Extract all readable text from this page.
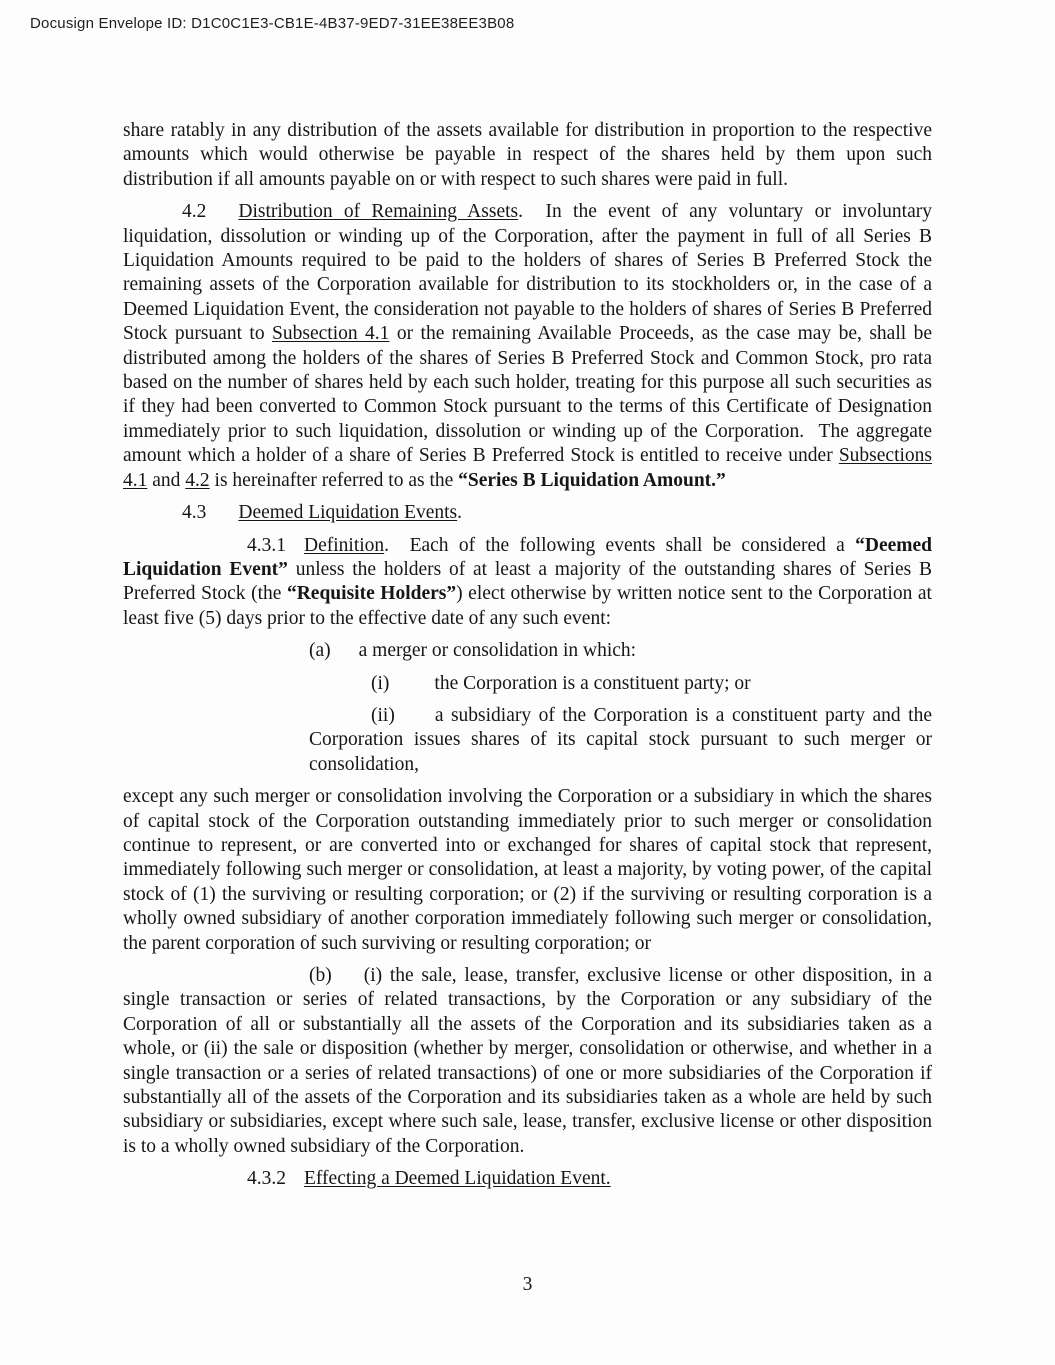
Docusign Envelope ID: D1C0C1E3-CB1E-4B37-9ED7-31EE38EE3B08

share ratably in any distribution of the assets available for distribution in proportion to the respective amounts which would otherwise be payable in respect of the shares held by them upon such distribution if all amounts payable on or with respect to such shares were paid in full.

4.2 Distribution of Remaining Assets.  In the event of any voluntary or involuntary liquidation, dissolution or winding up of the Corporation, after the payment in full of all Series B Liquidation Amounts required to be paid to the holders of shares of Series B Preferred Stock the remaining assets of the Corporation available for distribution to its stockholders or, in the case of a Deemed Liquidation Event, the consideration not payable to the holders of shares of Series B Preferred Stock pursuant to Subsection 4.1 or the remaining Available Proceeds, as the case may be, shall be distributed among the holders of the shares of Series B Preferred Stock and Common Stock, pro rata based on the number of shares held by each such holder, treating for this purpose all such securities as if they had been converted to Common Stock pursuant to the terms of this Certificate of Designation immediately prior to such liquidation, dissolution or winding up of the Corporation.  The aggregate amount which a holder of a share of Series B Preferred Stock is entitled to receive under Subsections 4.1 and 4.2 is hereinafter referred to as the “Series B Liquidation Amount.”

4.3 Deemed Liquidation Events.

4.3.1 Definition.  Each of the following events shall be considered a “Deemed Liquidation Event” unless the holders of at least a majority of the outstanding shares of Series B Preferred Stock (the “Requisite Holders”) elect otherwise by written notice sent to the Corporation at least five (5) days prior to the effective date of any such event:

(a) a merger or consolidation in which:

(i) the Corporation is a constituent party; or

(ii) a subsidiary of the Corporation is a constituent party and the Corporation issues shares of its capital stock pursuant to such merger or consolidation,

except any such merger or consolidation involving the Corporation or a subsidiary in which the shares of capital stock of the Corporation outstanding immediately prior to such merger or consolidation continue to represent, or are converted into or exchanged for shares of capital stock that represent, immediately following such merger or consolidation, at least a majority, by voting power, of the capital stock of (1) the surviving or resulting corporation; or (2) if the surviving or resulting corporation is a wholly owned subsidiary of another corporation immediately following such merger or consolidation, the parent corporation of such surviving or resulting corporation; or

(b) (i) the sale, lease, transfer, exclusive license or other disposition, in a single transaction or series of related transactions, by the Corporation or any subsidiary of the Corporation of all or substantially all the assets of the Corporation and its subsidiaries taken as a whole, or (ii) the sale or disposition (whether by merger, consolidation or otherwise, and whether in a single transaction or a series of related transactions) of one or more subsidiaries of the Corporation if substantially all of the assets of the Corporation and its subsidiaries taken as a whole are held by such subsidiary or subsidiaries, except where such sale, lease, transfer, exclusive license or other disposition is to a wholly owned subsidiary of the Corporation.

4.3.2 Effecting a Deemed Liquidation Event.

3
